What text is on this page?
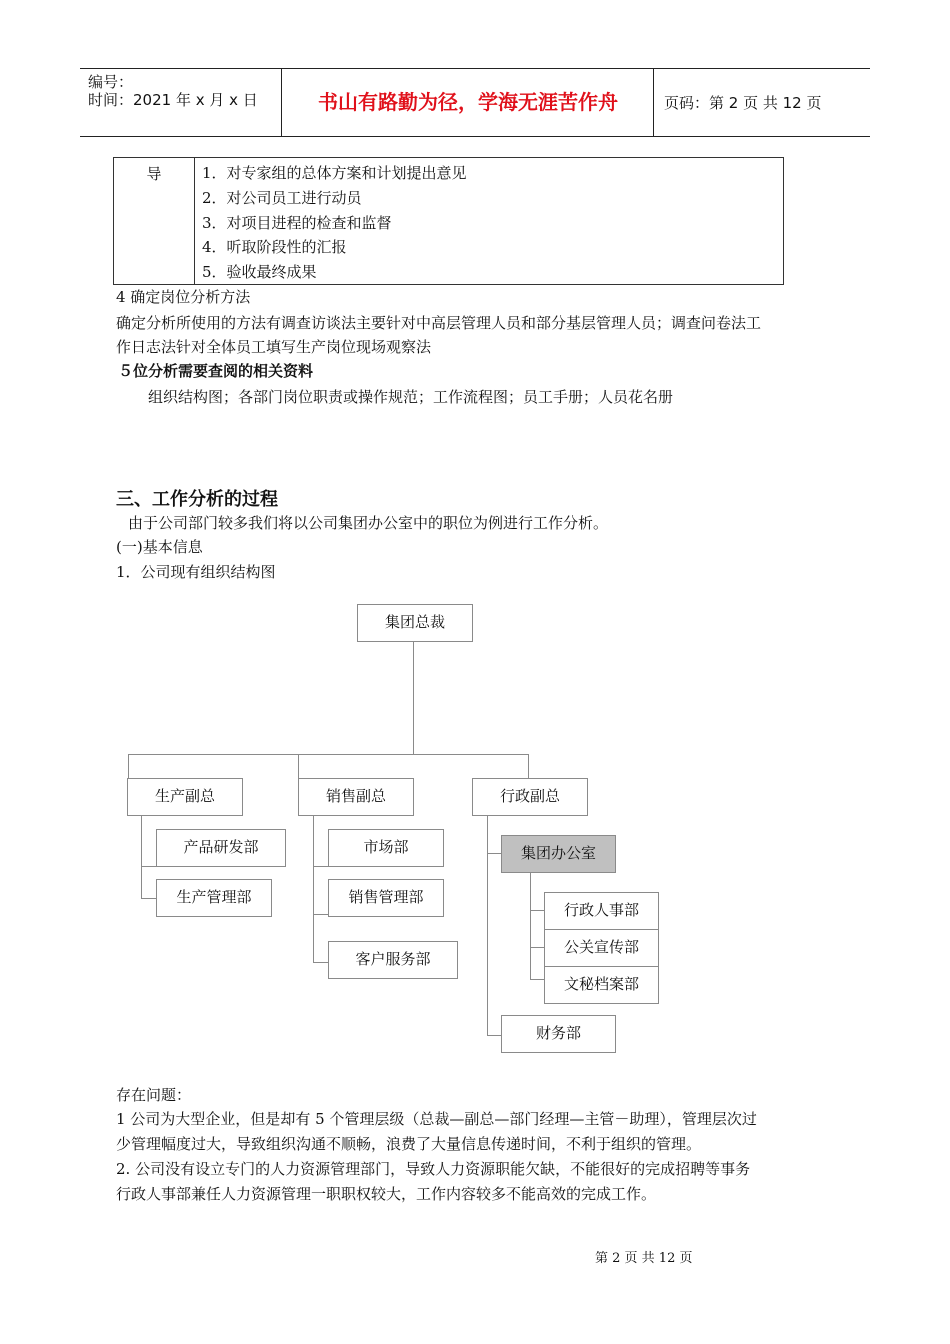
编号：
时间：2021 年 x 月 x 日	书山有路勤为径，学海无涯苦作舟	页码：第 2 页 共 12 页
导	1．对专家组的总体方案和计划提出意见
2．对公司员工进行动员
3．对项目进程的检查和监督
4．听取阶段性的汇报
5．验收最终成果
4 确定岗位分析方法
确定分析所使用的方法有调查访谈法主要针对中高层管理人员和部分基层管理人员；调查问卷法工
作日志法针对全体员工填写生产岗位现场观察法
５位分析需要查阅的相关资料
组织结构图；各部门岗位职责或操作规范；工作流程图；员工手册；人员花名册
三、工作分析的过程
由于公司部门较多我们将以公司集团办公室中的职位为例进行工作分析。
(一)基本信息
1．公司现有组织结构图
集团总裁
生产副总	销售副总	行政副总
产品研发部
生产管理部
市场部
销售管理部
客户服务部
集团办公室
行政人事部
公关宣传部
文秘档案部
财务部
存在问题：
1 公司为大型企业，但是却有 5 个管理层级（总裁—副总—部门经理—主管－助理），管理层次过
少管理幅度过大，导致组织沟通不顺畅，浪费了大量信息传递时间，不利于组织的管理。
2. 公司没有设立专门的人力资源管理部门，导致人力资源职能欠缺，不能很好的完成招聘等事务
行政人事部兼任人力资源管理一职职权较大，工作内容较多不能高效的完成工作。
第 2 页 共 12 页
